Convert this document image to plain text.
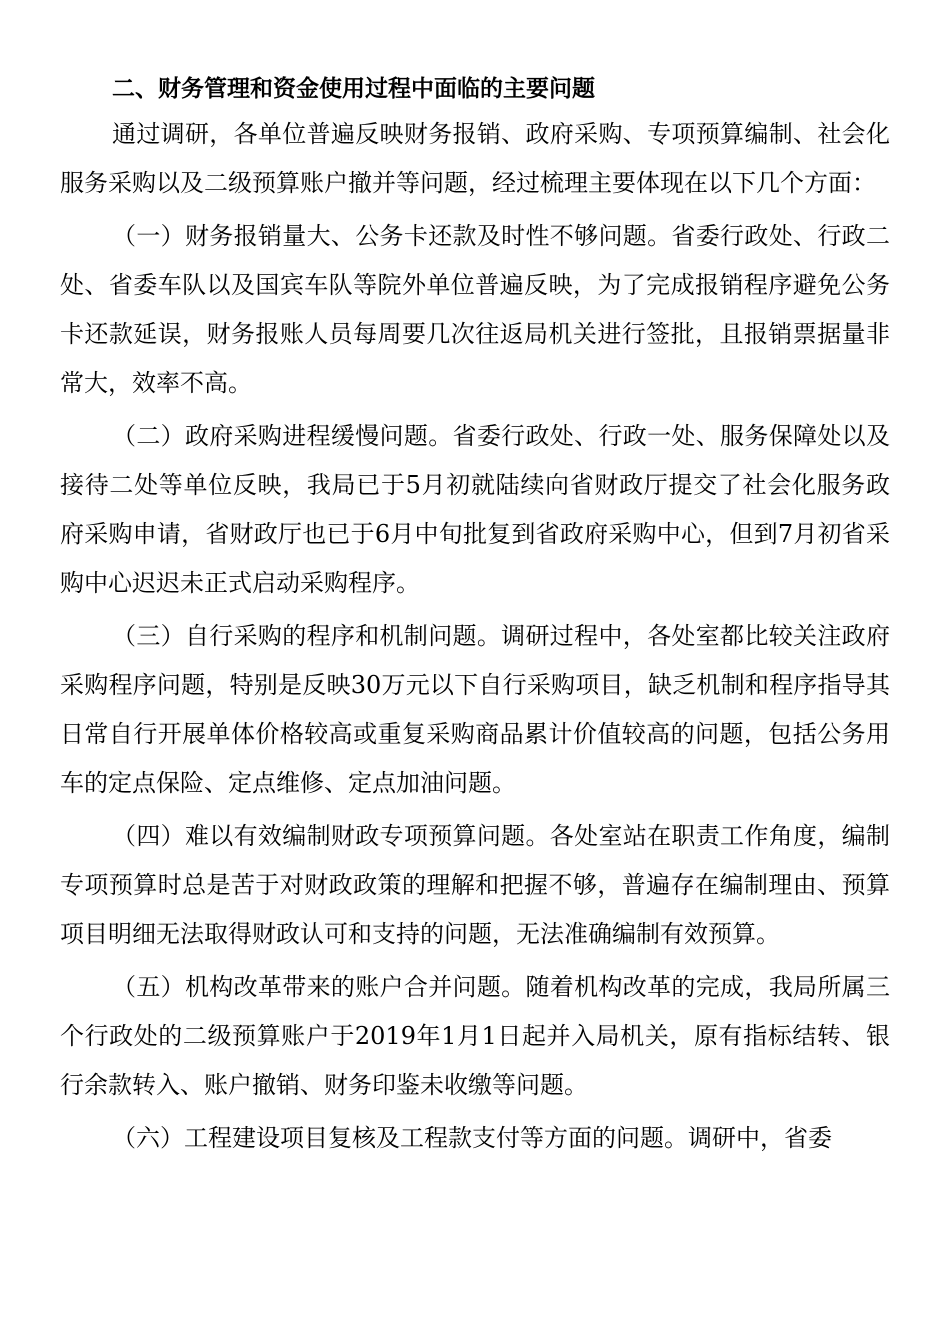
二、财务管理和资金使用过程中面临的主要问题

通过调研，各单位普遍反映财务报销、政府采购、专项预算编制、社会化服务采购以及二级预算账户撤并等问题，经过梳理主要体现在以下几个方面：

（一）财务报销量大、公务卡还款及时性不够问题。省委行政处、行政二处、省委车队以及国宾车队等院外单位普遍反映，为了完成报销程序避免公务卡还款延误，财务报账人员每周要几次往返局机关进行签批，且报销票据量非常大，效率不高。

（二）政府采购进程缓慢问题。省委行政处、行政一处、服务保障处以及接待二处等单位反映，我局已于5月初就陆续向省财政厅提交了社会化服务政府采购申请，省财政厅也已于6月中旬批复到省政府采购中心，但到7月初省采购中心迟迟未正式启动采购程序。

（三）自行采购的程序和机制问题。调研过程中，各处室都比较关注政府采购程序问题，特别是反映30万元以下自行采购项目，缺乏机制和程序指导其日常自行开展单体价格较高或重复采购商品累计价值较高的问题，包括公务用车的定点保险、定点维修、定点加油问题。

（四）难以有效编制财政专项预算问题。各处室站在职责工作角度，编制专项预算时总是苦于对财政政策的理解和把握不够，普遍存在编制理由、预算项目明细无法取得财政认可和支持的问题，无法准确编制有效预算。

（五）机构改革带来的账户合并问题。随着机构改革的完成，我局所属三个行政处的二级预算账户于2019年1月1日起并入局机关，原有指标结转、银行余款转入、账户撤销、财务印鉴未收缴等问题。

（六）工程建设项目复核及工程款支付等方面的问题。调研中，省委
